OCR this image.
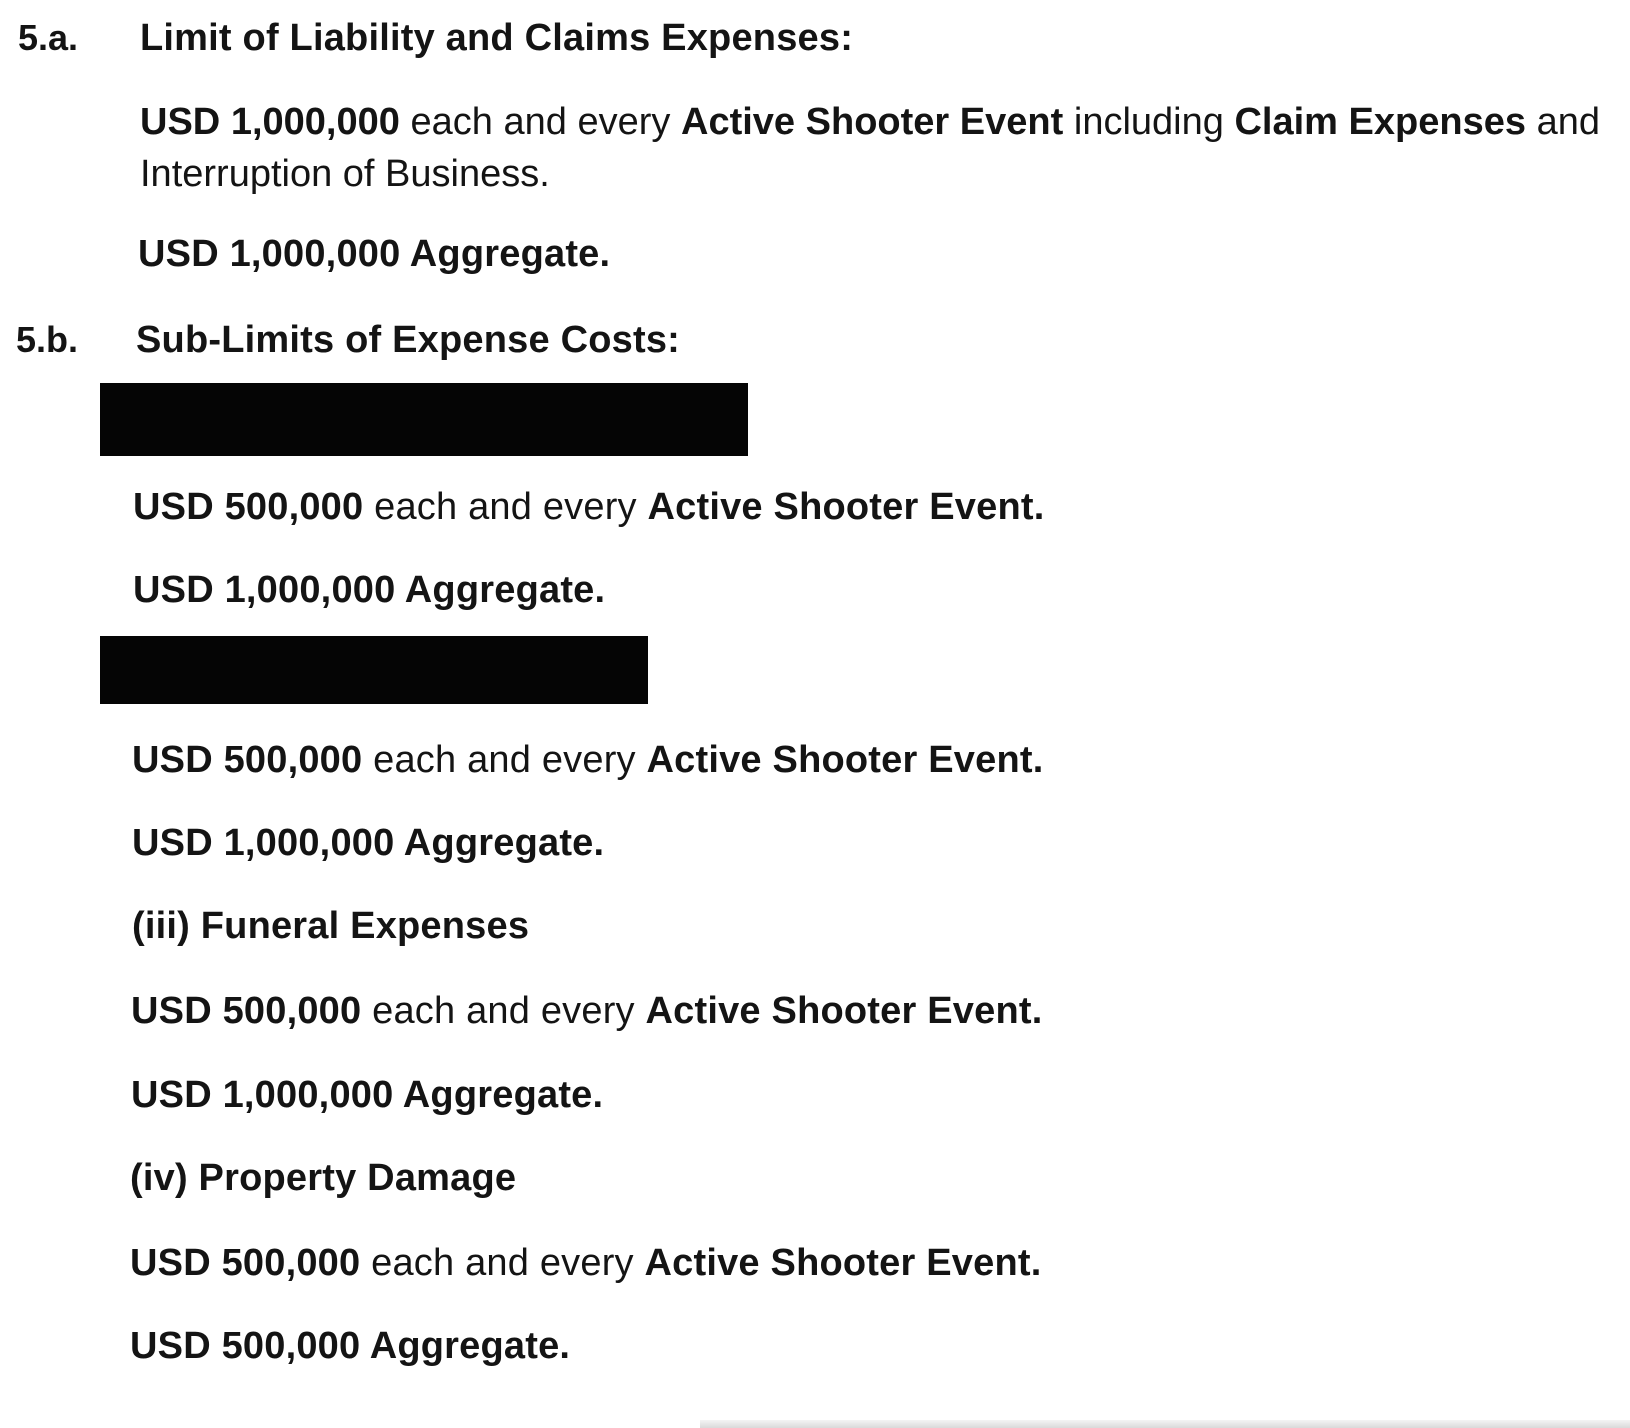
5.a. Limit of Liability and Claims Expenses:
USD 1,000,000 each and every Active Shooter Event including Claim Expenses and Interruption of Business.
USD 1,000,000 Aggregate.
5.b. Sub-Limits of Expense Costs:
USD 500,000 each and every Active Shooter Event.
USD 1,000,000 Aggregate.
USD 500,000 each and every Active Shooter Event.
USD 1,000,000 Aggregate.
(iii) Funeral Expenses
USD 500,000 each and every Active Shooter Event.
USD 1,000,000 Aggregate.
(iv) Property Damage
USD 500,000 each and every Active Shooter Event.
USD 500,000 Aggregate.
